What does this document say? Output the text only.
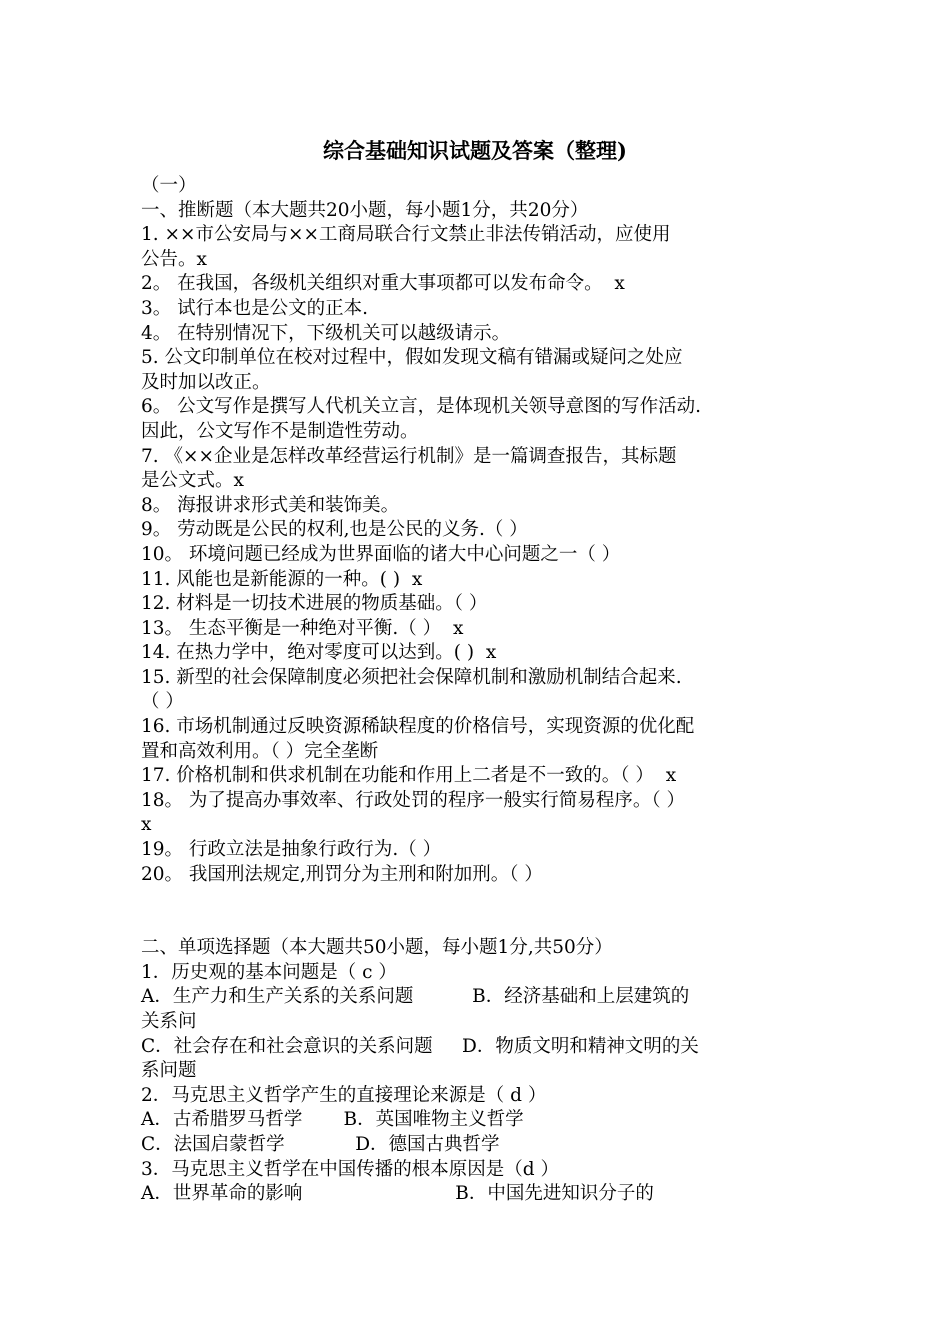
综合基础知识试题及答案（整理)
（一）
一、推断题（本大题共20小题，每小题1分，共20分）
1. ××市公安局与××工商局联合行文禁止非法传销活动，应使用
公告。x
2。 在我国，各级机关组织对重大事项都可以发布命令。  x
3。 试行本也是公文的正本.
4。 在特别情况下，下级机关可以越级请示。
5. 公文印制单位在校对过程中，假如发现文稿有错漏或疑问之处应
及时加以改正。
6。 公文写作是撰写人代机关立言，是体现机关领导意图的写作活动.
因此，公文写作不是制造性劳动。
7. 《××企业是怎样改革经营运行机制》是一篇调查报告，其标题
是公文式。x
8。 海报讲求形式美和装饰美。
9。 劳动既是公民的权利,也是公民的义务.（ ）
10。 环境问题已经成为世界面临的诸大中心问题之一（ ）
11. 风能也是新能源的一种。( )  x
12. 材料是一切技术进展的物质基础。（ ）
13。 生态平衡是一种绝对平衡.（ ）  x
14. 在热力学中，绝对零度可以达到。( )  x
15. 新型的社会保障制度必须把社会保障机制和激励机制结合起来.
（ ）
16. 市场机制通过反映资源稀缺程度的价格信号，实现资源的优化配
置和高效利用。（ ）完全垄断
17. 价格机制和供求机制在功能和作用上二者是不一致的。（ ）  x
18。 为了提高办事效率、行政处罚的程序一般实行简易程序。（ ）
x
19。 行政立法是抽象行政行为.（ ）
20。 我国刑法规定,刑罚分为主刑和附加刑。（ ）
二、单项选择题（本大题共50小题，每小题1分,共50分）
1．历史观的基本问题是（ c ）
A．生产力和生产关系的关系问题          B．经济基础和上层建筑的
关系问
C．社会存在和社会意识的关系问题     D．物质文明和精神文明的关
系问题
2．马克思主义哲学产生的直接理论来源是（ d ）
A．古希腊罗马哲学       B．英国唯物主义哲学
C．法国启蒙哲学            D．德国古典哲学
3．马克思主义哲学在中国传播的根本原因是（d ）
A．世界革命的影响                          B．中国先进知识分子的
